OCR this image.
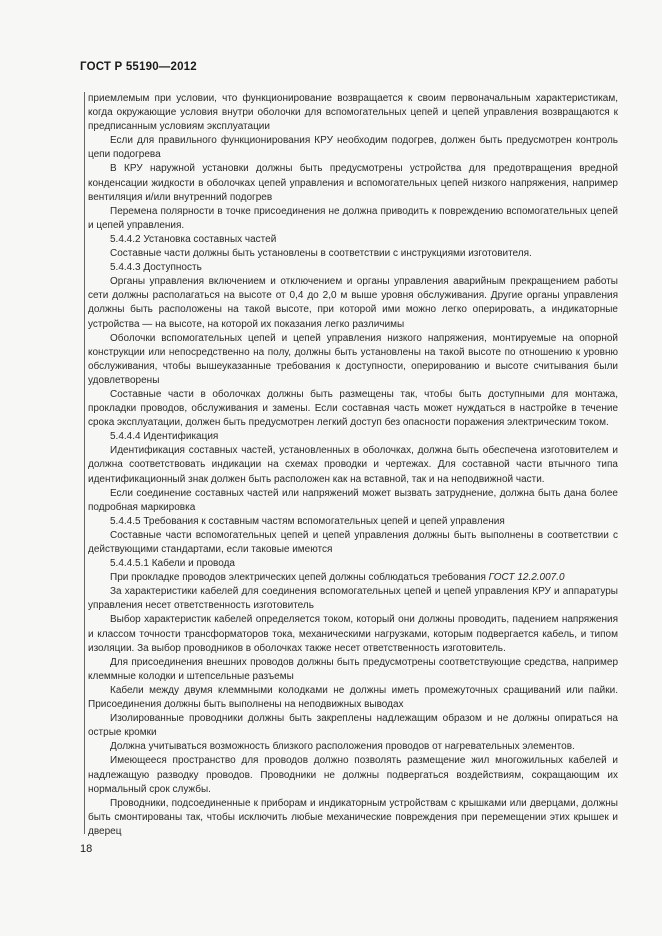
ГОСТ Р 55190—2012

приемлемым при условии, что функционирование возвращается к своим первоначальным характеристикам, когда окружающие условия внутри оболочки для вспомогательных цепей и цепей управления возвращаются к предписанным условиям эксплуатации

Если для правильного функционирования КРУ необходим подогрев, должен быть предусмотрен контроль цепи подогрева

В КРУ наружной установки должны быть предусмотрены устройства для предотвращения вредной конденсации жидкости в оболочках цепей управления и вспомогательных цепей низкого напряжения, например вентиляция и/или внутренний подогрев

Перемена полярности в точке присоединения не должна приводить к повреждению вспомогательных цепей и цепей управления.

5.4.4.2 Установка составных частей

Составные части должны быть установлены в соответствии с инструкциями изготовителя.

5.4.4.3 Доступность

Органы управления включением и отключением и органы управления аварийным прекращением работы сети должны располагаться на высоте от 0,4 до 2,0 м выше уровня обслуживания. Другие органы управления должны быть расположены на такой высоте, при которой ими можно легко оперировать, а индикаторные устройства — на высоте, на которой их показания легко различимы

Оболочки вспомогательных цепей и цепей управления низкого напряжения, монтируемые на опорной конструкции или непосредственно на полу, должны быть установлены на такой высоте по отношению к уровню обслуживания, чтобы вышеуказанные требования к доступности, оперированию и высоте считывания были удовлетворены

Составные части в оболочках должны быть размещены так, чтобы быть доступными для монтажа, прокладки проводов, обслуживания и замены. Если составная часть может нуждаться в настройке в течение срока эксплуатации, должен быть предусмотрен легкий доступ без опасности поражения электрическим током.

5.4.4.4 Идентификация

Идентификация составных частей, установленных в оболочках, должна быть обеспечена изготовителем и должна соответствовать индикации на схемах проводки и чертежах. Для составной части втычного типа идентификационный знак должен быть расположен как на вставной, так и на неподвижной части.

Если соединение составных частей или напряжений может вызвать затруднение, должна быть дана более подробная маркировка

5.4.4.5 Требования к составным частям вспомогательных цепей и цепей управления

Составные части вспомогательных цепей и цепей управления должны быть выполнены в соответствии с действующими стандартами, если таковые имеются

5.4.4.5.1 Кабели и провода

При прокладке проводов электрических цепей должны соблюдаться требования ГОСТ 12.2.007.0

За характеристики кабелей для соединения вспомогательных цепей и цепей управления КРУ и аппаратуры управления несет ответственность изготовитель

Выбор характеристик кабелей определяется током, который они должны проводить, падением напряжения и классом точности трансформаторов тока, механическими нагрузками, которым подвергается кабель, и типом изоляции. За выбор проводников в оболочках также несет ответственность изготовитель.

Для присоединения внешних проводов должны быть предусмотрены соответствующие средства, например клеммные колодки и штепсельные разъемы

Кабели между двумя клеммными колодками не должны иметь промежуточных сращиваний или пайки. Присоединения должны быть выполнены на неподвижных выводах

Изолированные проводники должны быть закреплены надлежащим образом и не должны опираться на острые кромки

Должна учитываться возможность близкого расположения проводов от нагревательных элементов.

Имеющееся пространство для проводов должно позволять размещение жил многожильных кабелей и надлежащую разводку проводов. Проводники не должны подвергаться воздействиям, сокращающим их нормальный срок службы.

Проводники, подсоединенные к приборам и индикаторным устройствам с крышками или дверцами, должны быть смонтированы так, чтобы исключить любые механические повреждения при перемещении этих крышек и дверец

18
